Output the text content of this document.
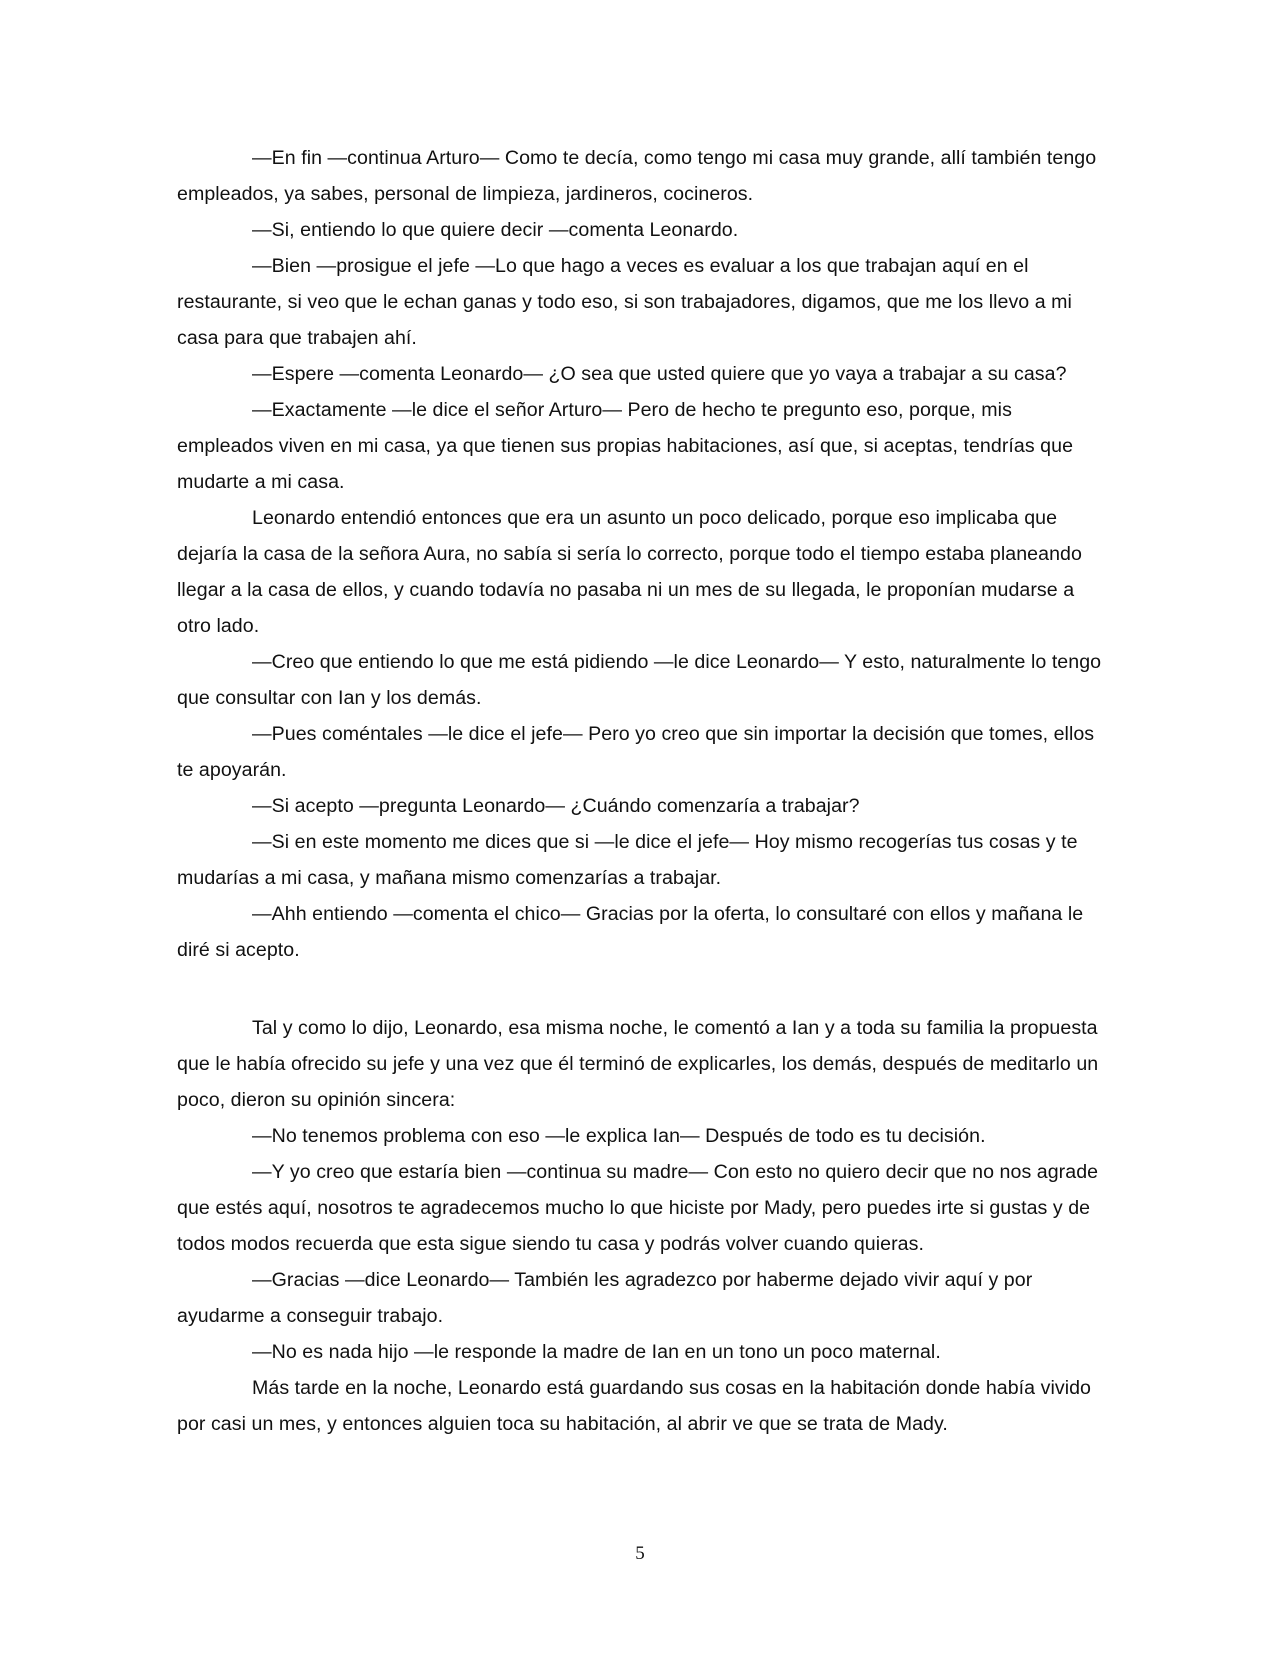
—En fin —continua Arturo— Como te decía, como tengo mi casa muy grande, allí también tengo empleados, ya sabes, personal de limpieza, jardineros, cocineros.

—Si, entiendo lo que quiere decir —comenta Leonardo.

—Bien —prosigue el jefe —Lo que hago a veces es evaluar a los que trabajan aquí en el restaurante, si veo que le echan ganas y todo eso, si son trabajadores, digamos, que me los llevo a mi casa para que trabajen ahí.

—Espere —comenta Leonardo— ¿O sea que usted quiere que yo vaya a trabajar a su casa?

—Exactamente —le dice el señor Arturo— Pero de hecho te pregunto eso, porque, mis empleados viven en mi casa, ya que tienen sus propias habitaciones, así que, si aceptas, tendrías que mudarte a mi casa.

Leonardo entendió entonces que era un asunto un poco delicado, porque eso implicaba que dejaría la casa de la señora Aura, no sabía si sería lo correcto, porque todo el tiempo estaba planeando llegar a la casa de ellos, y cuando todavía no pasaba ni un mes de su llegada, le proponían mudarse a otro lado.

—Creo que entiendo lo que me está pidiendo —le dice Leonardo— Y esto, naturalmente lo tengo que consultar con Ian y los demás.

—Pues coméntales —le dice el jefe— Pero yo creo que sin importar la decisión que tomes, ellos te apoyarán.

—Si acepto —pregunta Leonardo— ¿Cuándo comenzaría a trabajar?

—Si en este momento me dices que si —le dice el jefe— Hoy mismo recogerías tus cosas y te mudarías a mi casa, y mañana mismo comenzarías a trabajar.

—Ahh entiendo —comenta el chico— Gracias por la oferta, lo consultaré con ellos y mañana le diré si acepto.

Tal y como lo dijo, Leonardo, esa misma noche, le comentó a Ian y a toda su familia la propuesta que le había ofrecido su jefe y una vez que él terminó de explicarles, los demás, después de meditarlo un poco, dieron su opinión sincera:

—No tenemos problema con eso —le explica Ian— Después de todo es tu decisión.

—Y yo creo que estaría bien —continua su madre— Con esto no quiero decir que no nos agrade que estés aquí, nosotros te agradecemos mucho lo que hiciste por Mady, pero puedes irte si gustas y de todos modos recuerda que esta sigue siendo tu casa y podrás volver cuando quieras.

—Gracias —dice Leonardo— También les agradezco por haberme dejado vivir aquí y por ayudarme a conseguir trabajo.

—No es nada hijo —le responde la madre de Ian en un tono un poco maternal.

Más tarde en la noche, Leonardo está guardando sus cosas en la habitación donde había vivido por casi un mes, y entonces alguien toca su habitación, al abrir ve que se trata de Mady.

5
